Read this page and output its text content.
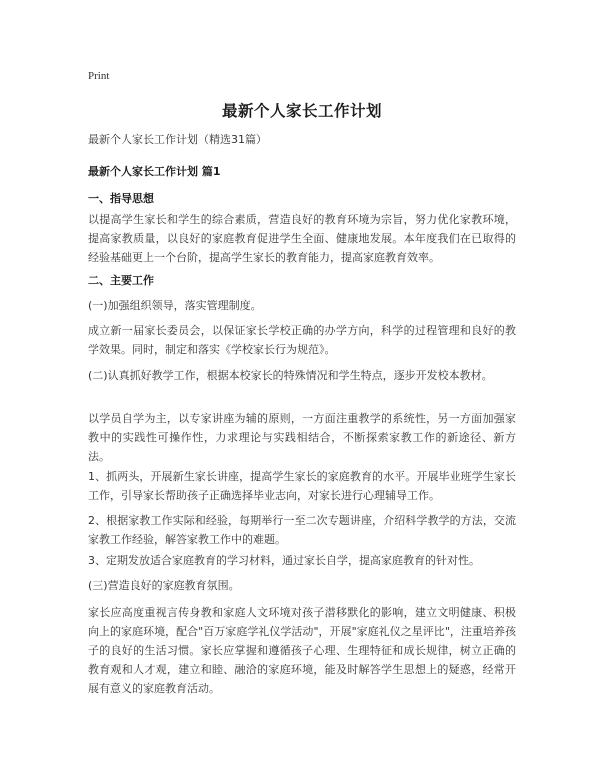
Print
最新个人家长工作计划
最新个人家长工作计划（精选31篇）
最新个人家长工作计划 篇1
一、指导思想
以提高学生家长和学生的综合素质，营造良好的教育环境为宗旨，努力优化家教环境，提高家教质量，以良好的家庭教育促进学生全面、健康地发展。本年度我们在已取得的经验基础更上一个台阶，提高学生家长的教育能力，提高家庭教育效率。
二、主要工作
(一)加强组织领导，落实管理制度。
成立新一届家长委员会，以保证家长学校正确的办学方向，科学的过程管理和良好的教学效果。同时，制定和落实《学校家长行为规范》。
(二)认真抓好教学工作，根据本校家长的特殊情况和学生特点，逐步开发校本教材。
以学员自学为主，以专家讲座为辅的原则，一方面注重教学的系统性，另一方面加强家教中的实践性可操作性，力求理论与实践相结合，不断探索家教工作的新途径、新方法。
1、抓两头，开展新生家长讲座，提高学生家长的家庭教育的水平。开展毕业班学生家长工作，引导家长帮助孩子正确选择毕业志向，对家长进行心理辅导工作。
2、根据家教工作实际和经验，每期举行一至二次专题讲座，介绍科学教学的方法，交流家教工作经验，解答家教工作中的难题。
3、定期发放适合家庭教育的学习材料，通过家长自学，提高家庭教育的针对性。
(三)营造良好的家庭教育氛围。
家长应高度重视言传身教和家庭人文环境对孩子潜移默化的影响，建立文明健康、积极向上的家庭环境，配合"百万家庭学礼仪学活动"，开展"家庭礼仪之星评比"，注重培养孩子的良好的生活习惯。家长应掌握和遵循孩子心理、生理特征和成长规律，树立正确的教育观和人才观，建立和睦、融洽的家庭环境，能及时解答学生思想上的疑惑，经常开展有意义的家庭教育活动。
